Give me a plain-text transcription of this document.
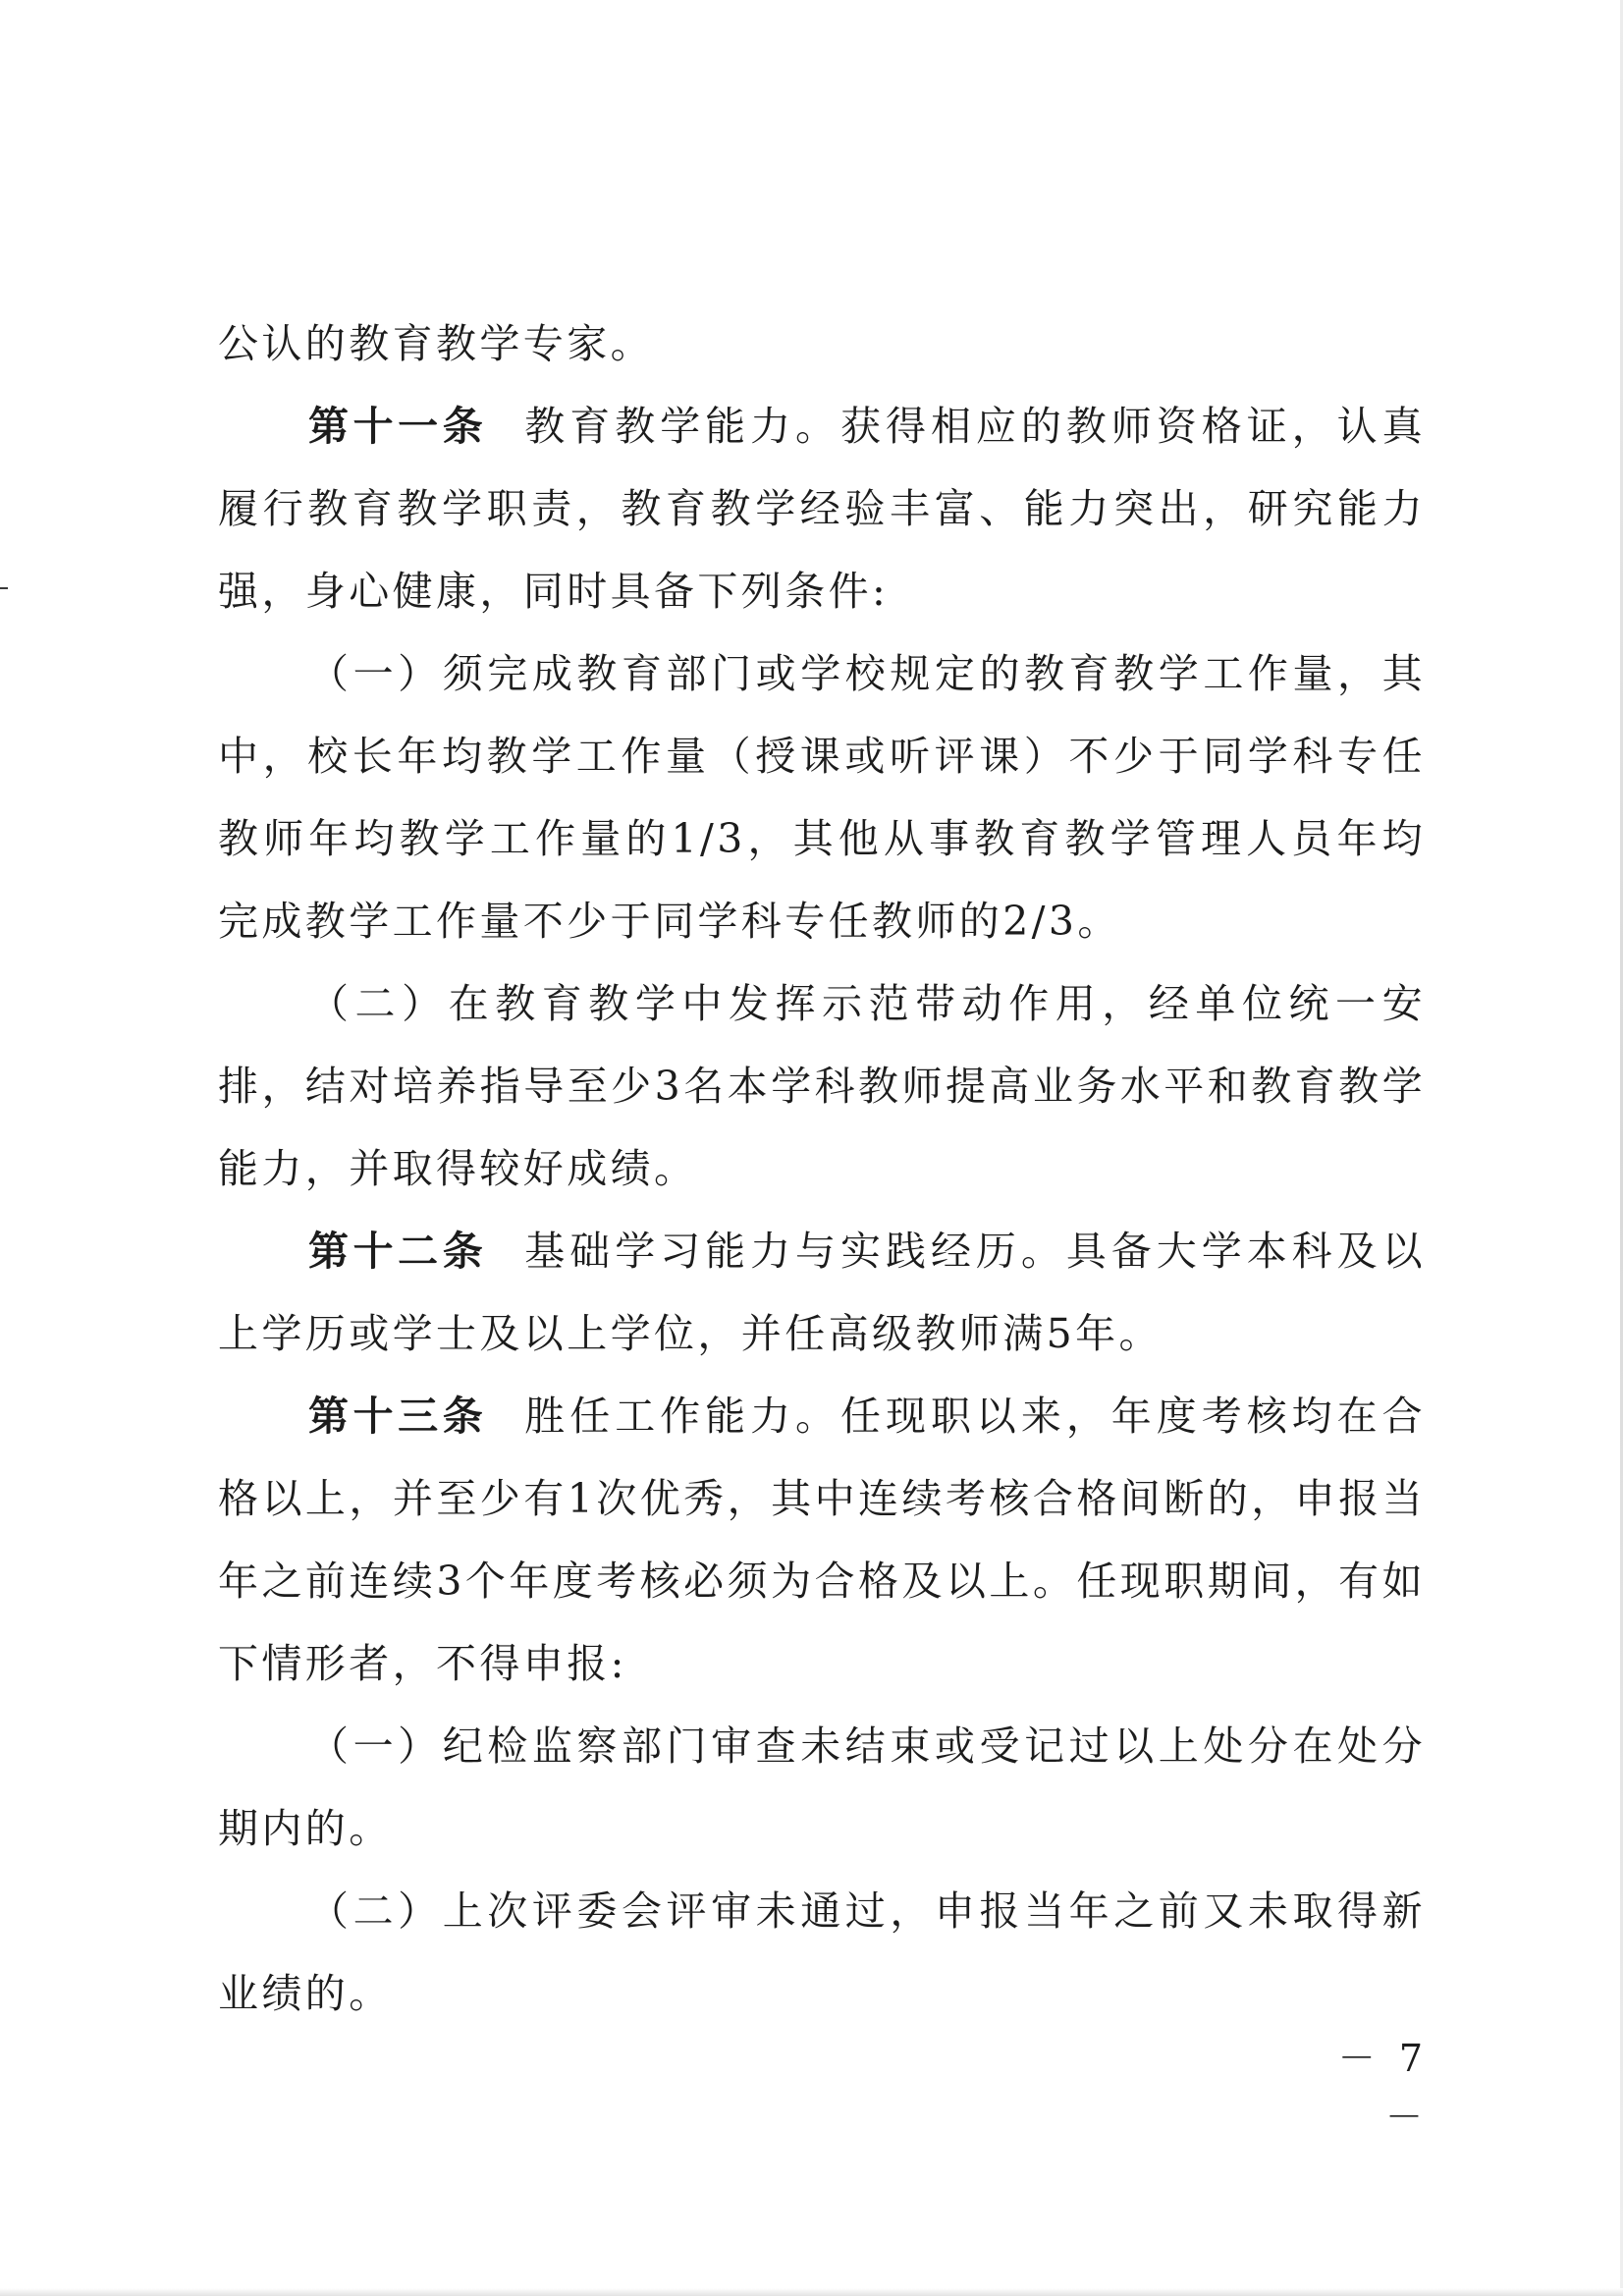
公认的教育教学专家。

第十一条 教育教学能力。获得相应的教师资格证，认真履行教育教学职责，教育教学经验丰富、能力突出，研究能力强，身心健康，同时具备下列条件:

（一）须完成教育部门或学校规定的教育教学工作量，其中，校长年均教学工作量（授课或听评课）不少于同学科专任教师年均教学工作量的1/3，其他从事教育教学管理人员年均完成教学工作量不少于同学科专任教师的2/3。

（二）在教育教学中发挥示范带动作用，经单位统一安排，结对培养指导至少3名本学科教师提高业务水平和教育教学能力，并取得较好成绩。

第十二条 基础学习能力与实践经历。具备大学本科及以上学历或学士及以上学位，并任高级教师满5年。

第十三条 胜任工作能力。任现职以来，年度考核均在合格以上，并至少有1次优秀，其中连续考核合格间断的，申报当年之前连续3个年度考核必须为合格及以上。任现职期间，有如下情形者，不得申报:

（一）纪检监察部门审查未结束或受记过以上处分在处分期内的。

（二）上次评委会评审未通过，申报当年之前又未取得新业绩的。

－ 7 －
